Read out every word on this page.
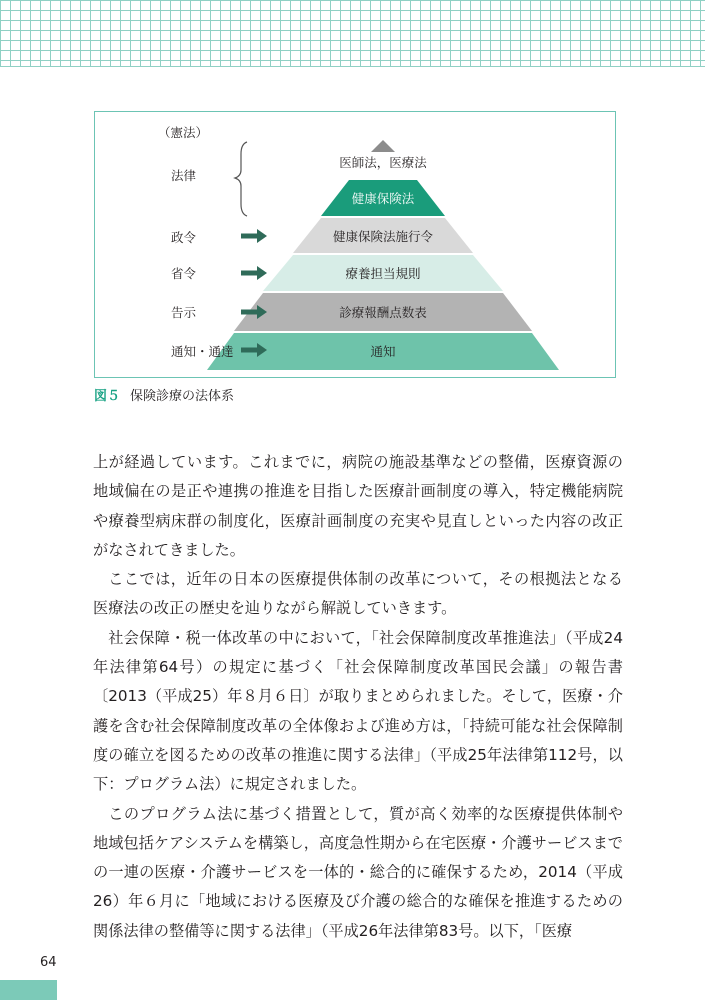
医師法，医療法
健康保険法
健康保険法施行令
療養担当規則
診療報酬点数表
通知
（憲法）
法律
政令
省令
告示
通知・通達
図５ 保険診療の法体系

上が経過しています。これまでに，病院の施設基準などの整備，医療資源の地域偏在の是正や連携の推進を目指した医療計画制度の導入，特定機能病院や療養型病床群の制度化，医療計画制度の充実や見直しといった内容の改正がなされてきました。

ここでは，近年の日本の医療提供体制の改革について，その根拠法となる医療法の改正の歴史を辿りながら解説していきます。

社会保障・税一体改革の中において，「社会保障制度改革推進法」（平成24年法律第64号）の規定に基づく「社会保障制度改革国民会議」の報告書〔2013（平成25）年８月６日〕が取りまとめられました。そして，医療・介護を含む社会保障制度改革の全体像および進め方は，「持続可能な社会保障制度の確立を図るための改革の推進に関する法律」（平成25年法律第112号，以下：プログラム法）に規定されました。

このプログラム法に基づく措置として，質が高く効率的な医療提供体制や地域包括ケアシステムを構築し，高度急性期から在宅医療・介護サービスまでの一連の医療・介護サービスを一体的・総合的に確保するため，2014（平成26）年６月に「地域における医療及び介護の総合的な確保を推進するための関係法律の整備等に関する法律」（平成26年法律第83号。以下，「医療

64
